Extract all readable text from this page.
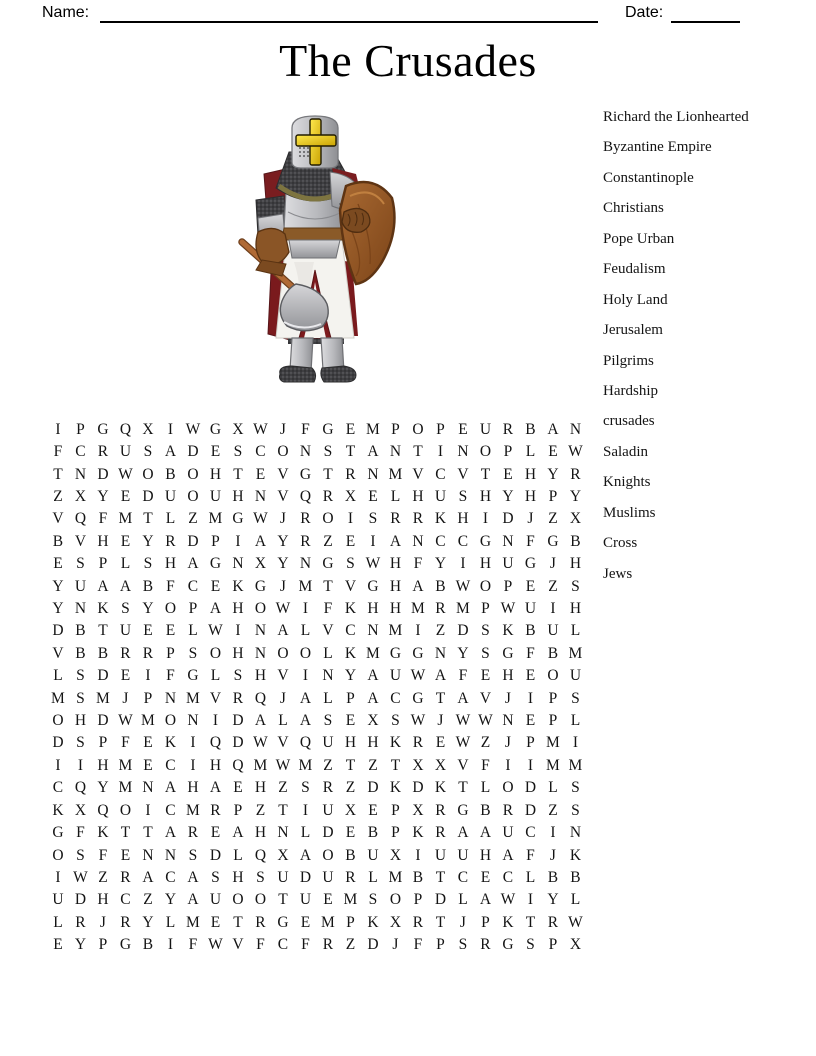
Name:	Date:
The Crusades
Richard the Lionhearted
Byzantine Empire
Constantinople
Christians
Pope Urban
Feudalism
Holy Land
Jerusalem
Pilgrims
Hardship
crusades
Saladin
Knights
Muslims
Cross
Jews
I	P G Q X I W G X W J F G E M P O P E U R B A N
F C R U S A D E S C O N S T A N T I N O P L E W
T N D W O B O H T E V G T R N M V C V T E H Y R
Z X Y E D U O U H N V Q R X E L H U S H Y H P Y
V Q F M T L Z M G W J R O I	S R R K H I D J Z X
B V H E Y R D P	I A Y R Z E I A N C C G N F G B
E S P L S H A G N X Y N G S W H F Y I H U G J H
Y U A A B F C E K G J M T V G H A B W O P E Z S
Y N K S Y O P A H O W I	F K H H M R M P W U I H
D B T U E E L W I N A L V C N M I Z D S K B U L
V B B R R P S O H N O O L K M G G N Y S G F B M
L S D E I	F G L S H V I N Y A U W A F E H E O U
M S M J P N M V R Q J A L P A C G T A V J	I	P S
O H D W M O N I D A L A S E X S W J W W N E P L
D S P F E K I Q D W V Q U H H K R E W Z J P M I
I	I H M E C I H Q M W M Z T Z T X X V F	I	I M M
C Q Y M N A H A E H Z S R Z D K D K T L O D L S
K X Q O I C M R P Z T I U X E P X R G B R D Z S
G F K T T A R E A H N L D E B P K R A A U C I N
O S F E N N S D L Q X A O B U X I U U H A F J K
I W Z R A C A S H S U D U R L M B T C E C L B B
U D H C Z Y A U O O T U E M S O P D L A W I Y L
L R J R Y L M E T R G E M P K X R T J P K T R W
E Y P G B I	F W V F C F R Z D J F P S R G S P X
